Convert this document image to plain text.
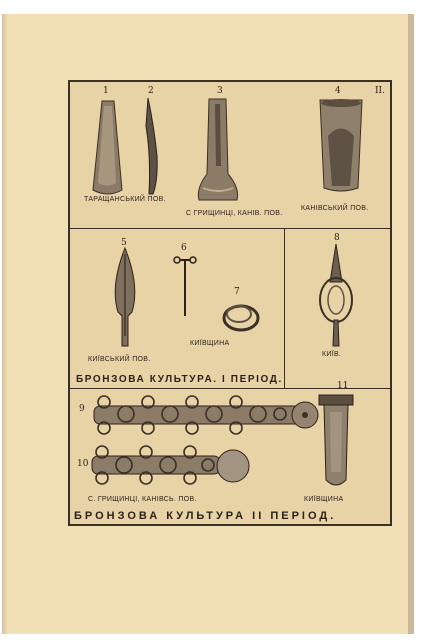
II.
1	2	3	4
5	6
7
8
9
10
11
ТАРАЩАНСЬКИЙ ПОВ.
С ГРИЩИНЦІ, КАНІВ. ПОВ.
КАНІВСЬКИЙ ПОВ.
КИЇВСЬКИЙ ПОВ.
КИЇВЩИНА
КИЇВ.
С. ГРИЩИНЦІ, КАНІВСЬ. ПОВ.	КИЇВЩИНА
БРОНЗОВА КУЛЬТУРА. І ПЕРІОД.
БРОНЗОВА КУЛЬТУРА ІІ ПЕРІОД.
